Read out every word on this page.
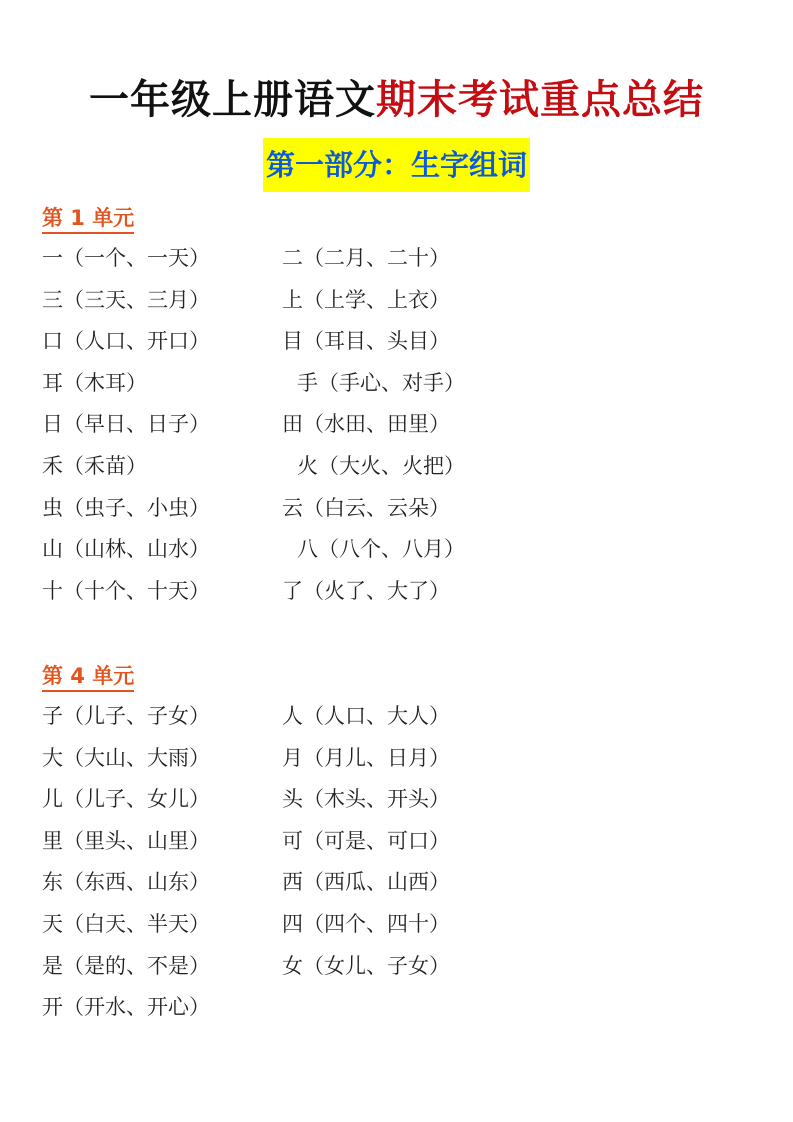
一年级上册语文期末考试重点总结
第一部分：生字组词
第 1 单元
一（一个、一天）	二（二月、二十）
三（三天、三月）	上（上学、上衣）
口（人口、开口）	目（耳目、头目）
耳（木耳）	手（手心、对手）
日（早日、日子）	田（水田、田里）
禾（禾苗）	火（大火、火把）
虫（虫子、小虫）	云（白云、云朵）
山（山林、山水）	八（八个、八月）
十（十个、十天）	了（火了、大了）
第 4 单元
子（儿子、子女）	人（人口、大人）
大（大山、大雨）	月（月儿、日月）
儿（儿子、女儿）	头（木头、开头）
里（里头、山里）	可（可是、可口）
东（东西、山东）	西（西瓜、山西）
天（白天、半天）	四（四个、四十）
是（是的、不是）	女（女儿、子女）
开（开水、开心）
